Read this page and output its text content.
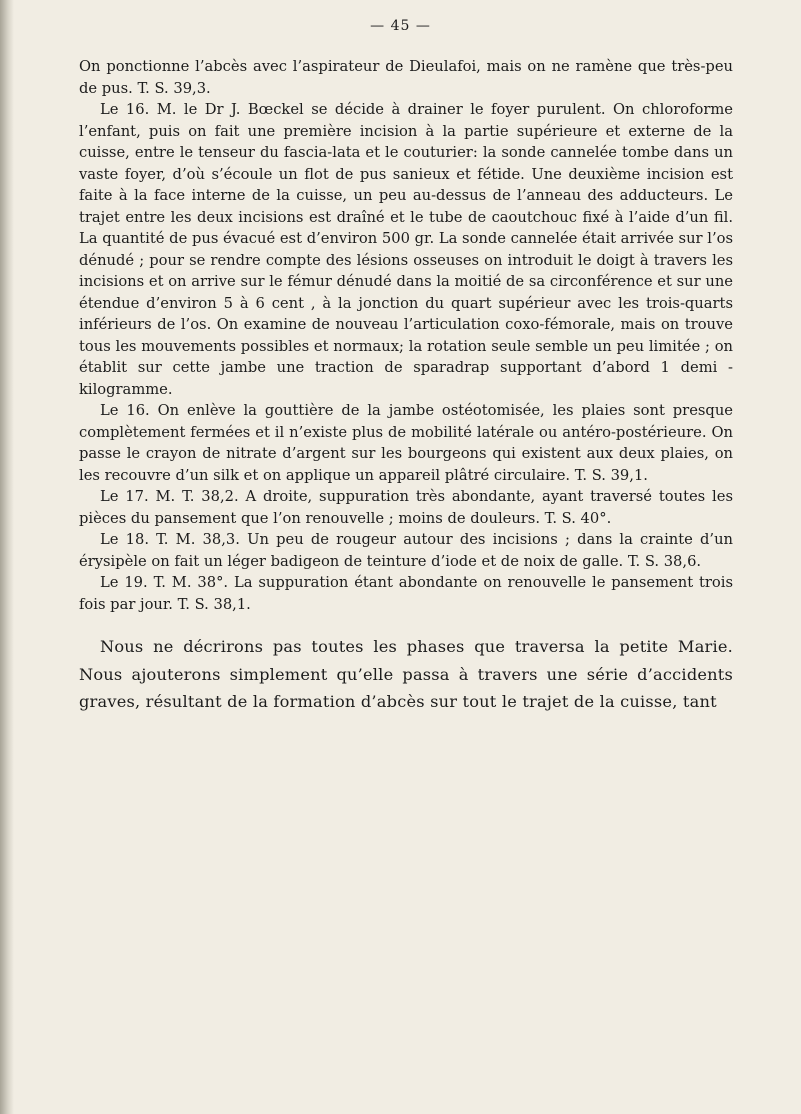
— 45 —

On ponctionne l’abcès avec l’aspirateur de Dieulafoi, mais on ne ramène que très-peu de pus. T. S. 39,3.

Le 16. M. le Dr J. Bœckel se décide à drainer le foyer purulent. On chloroforme l’enfant, puis on fait une première incision à la partie supérieure et externe de la cuisse, entre le tenseur du fascia-lata et le couturier: la sonde cannelée tombe dans un vaste foyer, d’où s’écoule un flot de pus sanieux et fétide. Une deuxième incision est faite à la face interne de la cuisse, un peu au-dessus de l’anneau des adducteurs. Le trajet entre les deux incisions est draîné et le tube de caoutchouc fixé à l’aide d’un fil. La quantité de pus évacué est d’environ 500 gr. La sonde cannelée était arrivée sur l’os dénudé ; pour se rendre compte des lésions osseuses on introduit le doigt à travers les incisions et on arrive sur le fémur dénudé dans la moitié de sa circonférence et sur une étendue d’environ 5 à 6 cent , à la jonction du quart supérieur avec les trois-quarts inférieurs de l’os. On examine de nouveau l’articulation coxo-fémorale, mais on trouve tous les mouvements possibles et normaux; la rotation seule semble un peu limitée ; on établit sur cette jambe une traction de sparadrap supportant d’abord 1 demi - kilogramme.

Le 16. On enlève la gouttière de la jambe ostéotomisée, les plaies sont presque complètement fermées et il n’existe plus de mobilité latérale ou antéro-postérieure. On passe le crayon de nitrate d’argent sur les bourgeons qui existent aux deux plaies, on les recouvre d’un silk et on applique un appareil plâtré circulaire. T. S. 39,1.

Le 17. M. T. 38,2. A droite, suppuration très abondante, ayant traversé toutes les pièces du pansement que l’on renouvelle ; moins de douleurs. T. S. 40°.

Le 18. T. M. 38,3. Un peu de rougeur autour des incisions ; dans la crainte d’un érysipèle on fait un léger badigeon de teinture d’iode et de noix de galle. T. S. 38,6.

Le 19. T. M. 38°. La suppuration étant abondante on renouvelle le pansement trois fois par jour. T. S. 38,1.

Nous ne décrirons pas toutes les phases que traversa la petite Marie. Nous ajouterons simplement qu’elle passa à travers une série d’accidents graves, résultant de la formation d’abcès sur tout le trajet de la cuisse, tant
